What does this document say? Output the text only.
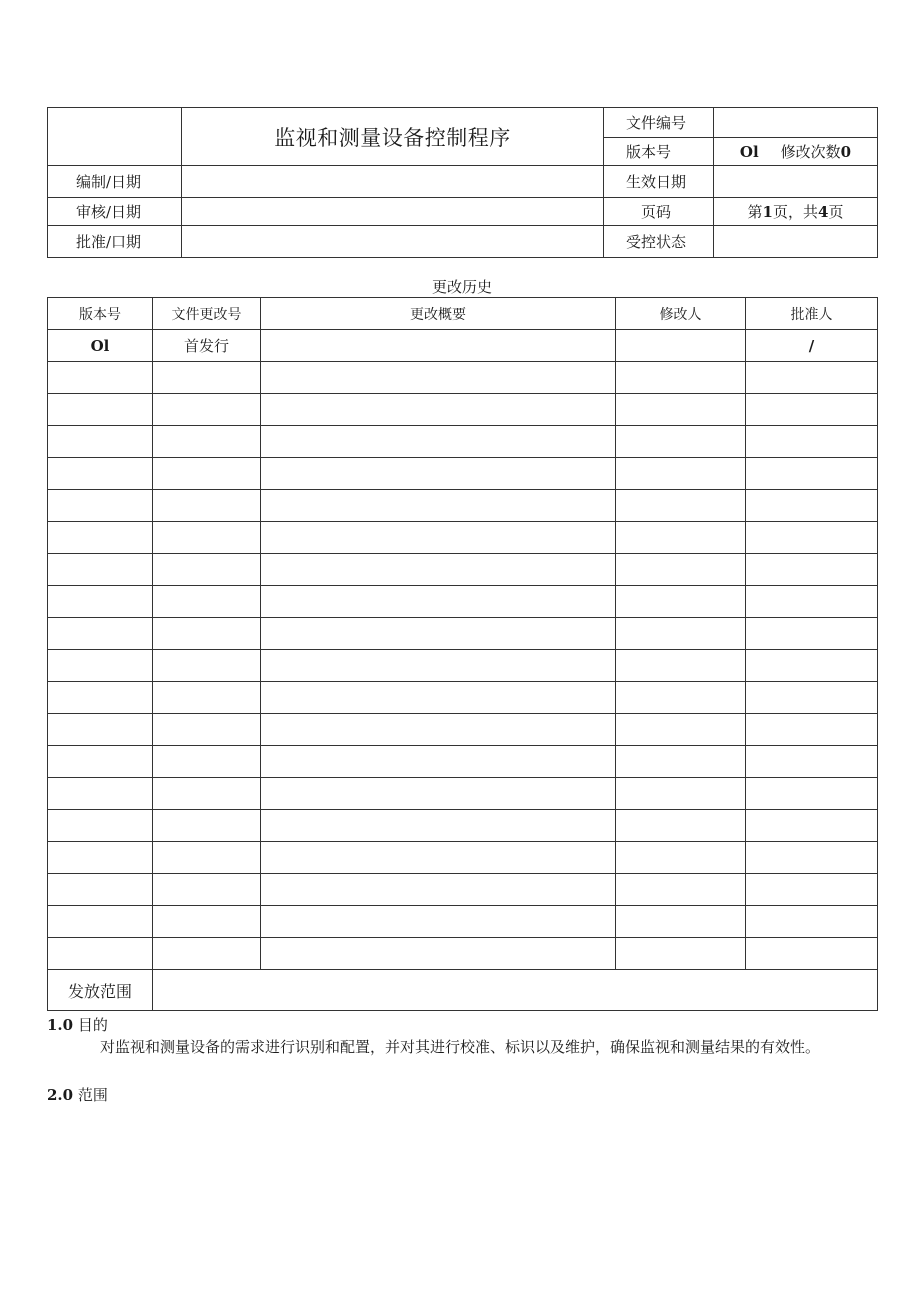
	监视和测量设备控制程序	文件编号	
		版本号	Ol 修改次数0
编制/日期		生效日期	
审核/日期		页码	第1页，共4页
批准/口期		受控状态	
更改历史
版本号	文件更改号	更改概要	修改人	批准人
Ol	首发行			/

发放范围				
1.0 目的
对监视和测量设备的需求进行识别和配置，并对其进行校准、标识以及维护，确保监视和测量结果的有效性。
2.0 范围
